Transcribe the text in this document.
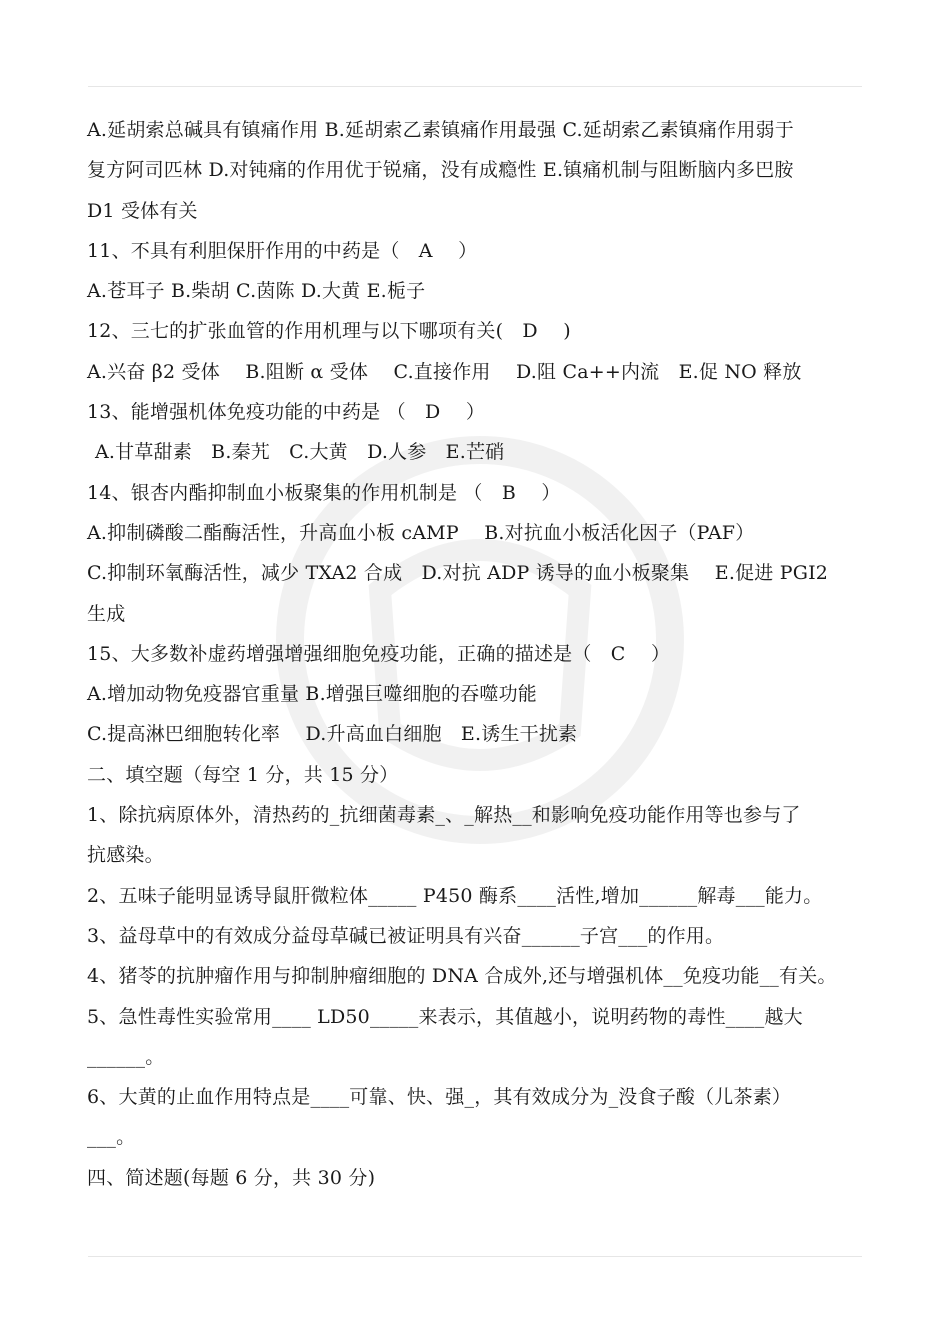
A.延胡索总碱具有镇痛作用 B.延胡索乙素镇痛作用最强 C.延胡索乙素镇痛作用弱于
复方阿司匹林 D.对钝痛的作用优于锐痛，没有成瘾性 E.镇痛机制与阻断脑内多巴胺
D1 受体有关
11、不具有利胆保肝作用的中药是（　A　 ）
A.苍耳子 B.柴胡 C.茵陈 D.大黄 E.栀子
12、三七的扩张血管的作用机理与以下哪项有关(　D　 )
A.兴奋 β2 受体　 B.阻断 α 受体　 C.直接作用　 D.阻 Ca++内流　E.促 NO 释放
13、能增强机体免疫功能的中药是 （　D　 ）
A.甘草甜素　B.秦艽　C.大黄　D.人参　E.芒硝
14、银杏内酯抑制血小板聚集的作用机制是 （　B　 ）
A.抑制磷酸二酯酶活性，升高血小板 cAMP　 B.对抗血小板活化因子（PAF）
C.抑制环氧酶活性，减少 TXA2 合成　D.对抗 ADP 诱导的血小板聚集　 E.促进 PGI2
生成
15、大多数补虚药增强增强细胞免疫功能，正确的描述是（　C　 ）
A.增加动物免疫器官重量 B.增强巨噬细胞的吞噬功能
C.提高淋巴细胞转化率　 D.升高血白细胞　E.诱生干扰素
二、填空题（每空 1 分，共 15 分）
1、除抗病原体外，清热药的_抗细菌毒素_、_解热__和影响免疫功能作用等也参与了
抗感染。
2、五味子能明显诱导鼠肝微粒体_____ P450 酶系____活性,增加______解毒___能力。
3、益母草中的有效成分益母草碱已被证明具有兴奋______子宫___的作用。
4、猪苓的抗肿瘤作用与抑制肿瘤细胞的 DNA 合成外,还与增强机体__免疫功能__有关。
5、急性毒性实验常用____ LD50_____来表示，其值越小，说明药物的毒性____越大
______。
6、大黄的止血作用特点是____可靠、快、强_，其有效成分为_没食子酸（儿茶素）
___。
四、简述题(每题 6 分，共 30 分)
